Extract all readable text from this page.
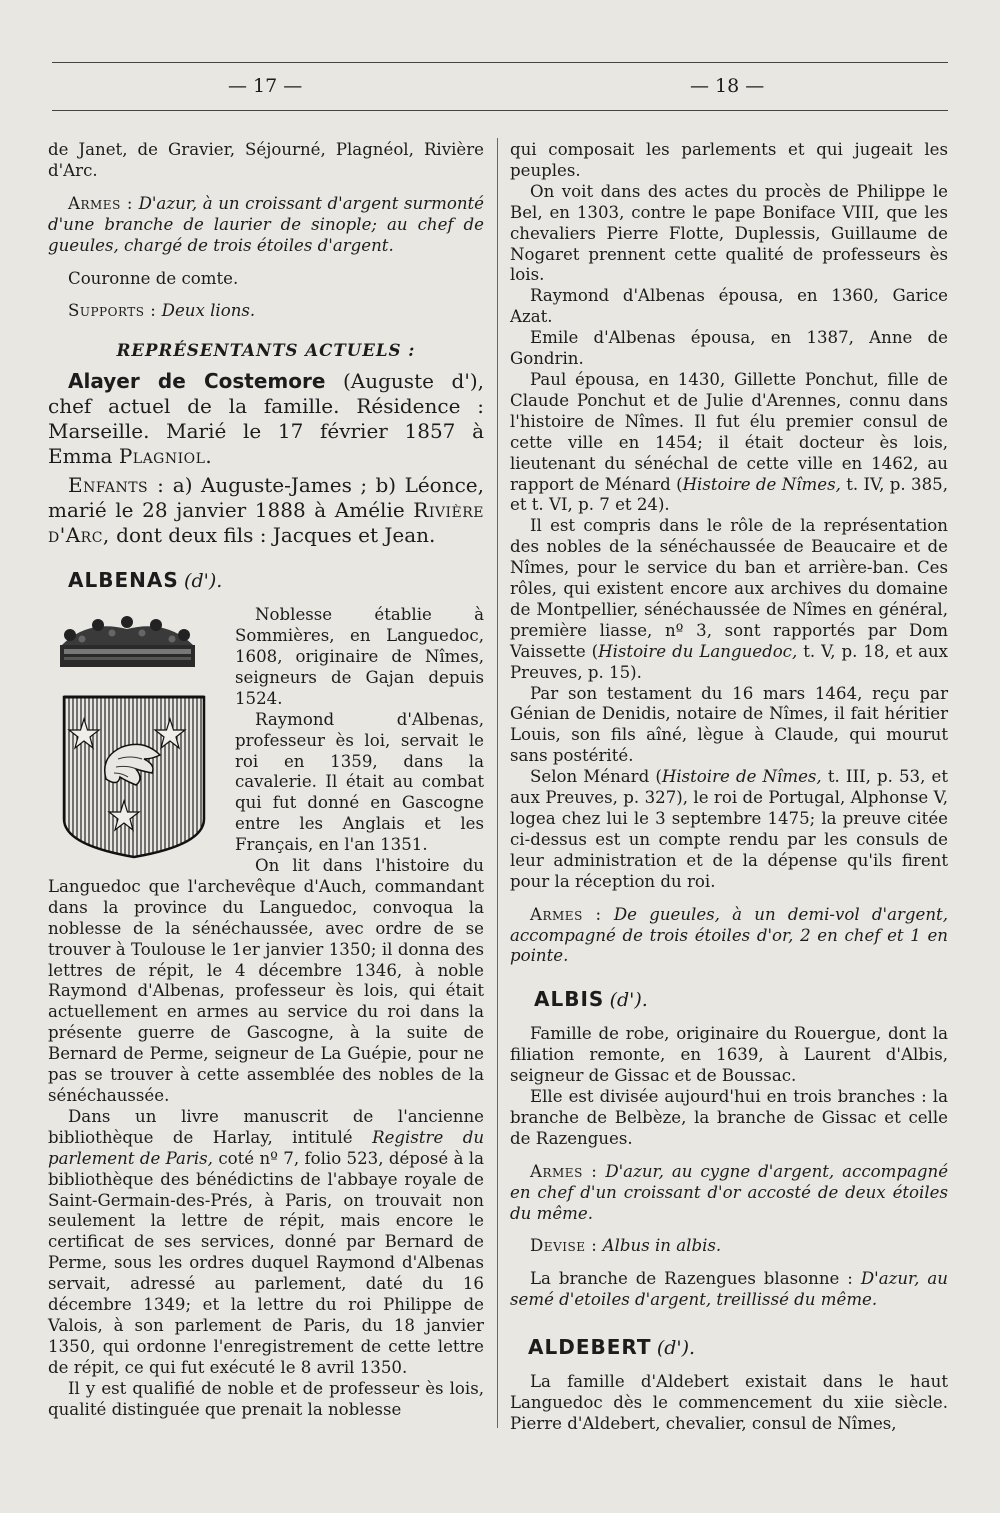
— 17 —	— 18 —

de Janet, de Gravier, Séjourné, Plagnéol, Rivière d'Arc.

Armes : D'azur, à un croissant d'argent surmonté d'une branche de laurier de sinople; au chef de gueules, chargé de trois étoiles d'argent.

Couronne de comte.

Supports : Deux lions.

REPRÉSENTANTS ACTUELS :

Alayer de Costemore (Auguste d'), chef actuel de la famille. Résidence : Marseille. Marié le 17 février 1857 à Emma Plagniol.

Enfants : a) Auguste-James ; b) Léonce, marié le 28 janvier 1888 à Amélie Rivière d'Arc, dont deux fils : Jacques et Jean.

ALBENAS (d').

Noblesse établie à Sommières, en Languedoc, 1608, originaire de Nîmes, seigneurs de Gajan depuis 1524.

Raymond d'Albenas, professeur ès loi, servait le roi en 1359, dans la cavalerie. Il était au combat qui fut donné en Gascogne entre les Anglais et les Français, en l'an 1351.

On lit dans l'histoire du Languedoc que l'archevêque d'Auch, commandant dans la province du Languedoc, convoqua la noblesse de la sénéchaussée, avec ordre de se trouver à Toulouse le 1er janvier 1350; il donna des lettres de répit, le 4 décembre 1346, à noble Raymond d'Albenas, professeur ès lois, qui était actuellement en armes au service du roi dans la présente guerre de Gascogne, à la suite de Bernard de Perme, seigneur de La Guépie, pour ne pas se trouver à cette assemblée des nobles de la sénéchaussée.

Dans un livre manuscrit de l'ancienne bibliothèque de Harlay, intitulé Registre du parlement de Paris, coté nº 7, folio 523, déposé à la bibliothèque des bénédictins de l'abbaye royale de Saint-Germain-des-Prés, à Paris, on trouvait non seulement la lettre de répit, mais encore le certificat de ses services, donné par Bernard de Perme, sous les ordres duquel Raymond d'Albenas servait, adressé au parlement, daté du 16 décembre 1349; et la lettre du roi Philippe de Valois, à son parlement de Paris, du 18 janvier 1350, qui ordonne l'enregistrement de cette lettre de répit, ce qui fut exécuté le 8 avril 1350.

Il y est qualifié de noble et de professeur ès lois, qualité distinguée que prenait la noblesse

qui composait les parlements et qui jugeait les peuples.

On voit dans des actes du procès de Philippe le Bel, en 1303, contre le pape Boniface VIII, que les chevaliers Pierre Flotte, Duplessis, Guillaume de Nogaret prennent cette qualité de professeurs ès lois.

Raymond d'Albenas épousa, en 1360, Garice Azat.

Emile d'Albenas épousa, en 1387, Anne de Gondrin.

Paul épousa, en 1430, Gillette Ponchut, fille de Claude Ponchut et de Julie d'Arennes, connu dans l'histoire de Nîmes. Il fut élu premier consul de cette ville en 1454; il était docteur ès lois, lieutenant du sénéchal de cette ville en 1462, au rapport de Ménard (Histoire de Nîmes, t. IV, p. 385, et t. VI, p. 7 et 24).

Il est compris dans le rôle de la représentation des nobles de la sénéchaussée de Beaucaire et de Nîmes, pour le service du ban et arrière-ban. Ces rôles, qui existent encore aux archives du domaine de Montpellier, sénéchaussée de Nîmes en général, première liasse, nº 3, sont rapportés par Dom Vaissette (Histoire du Languedoc, t. V, p. 18, et aux Preuves, p. 15).

Par son testament du 16 mars 1464, reçu par Génian de Denidis, notaire de Nîmes, il fait héritier Louis, son fils aîné, lègue à Claude, qui mourut sans postérité.

Selon Ménard (Histoire de Nîmes, t. III, p. 53, et aux Preuves, p. 327), le roi de Portugal, Alphonse V, logea chez lui le 3 septembre 1475; la preuve citée ci-dessus est un compte rendu par les consuls de leur administration et de la dépense qu'ils firent pour la réception du roi.

Armes : De gueules, à un demi-vol d'argent, accompagné de trois étoiles d'or, 2 en chef et 1 en pointe.

ALBIS (d').

Famille de robe, originaire du Rouergue, dont la filiation remonte, en 1639, à Laurent d'Albis, seigneur de Gissac et de Boussac.

Elle est divisée aujourd'hui en trois branches : la branche de Belbèze, la branche de Gissac et celle de Razengues.

Armes : D'azur, au cygne d'argent, accompagné en chef d'un croissant d'or accosté de deux étoiles du même.

Devise : Albus in albis.

La branche de Razengues blasonne : D'azur, au semé d'etoiles d'argent, treillissé du même.

ALDEBERT (d').

La famille d'Aldebert existait dans le haut Languedoc dès le commencement du xiie siècle. Pierre d'Aldebert, chevalier, consul de Nîmes,
